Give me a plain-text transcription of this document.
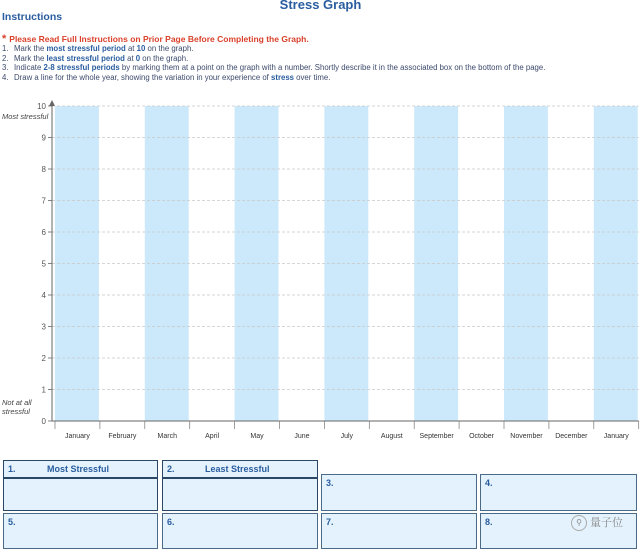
Stress Graph
Instructions
* Please Read Full Instructions on Prior Page Before Completing the Graph.
1. Mark the most stressful period at 10 on the graph.
2. Mark the least stressful period at 0 on the graph.
3. Indicate 2-8 stressful periods by marking them at a point on the graph with a number. Shortly describe it in the associated box on the bottom of the page.
4. Draw a line for the whole year, showing the variation in your experience of stress over time.
Most stressful
Not at all stressful
0
1
2
3
4
5
6
7
8
9
10
January	February	March	April	May	June	July	August September October November December January
1.	Most Stressful	2.	Least Stressful
3.	4.
5.	6.	7.	8.	⚲ 量子位
